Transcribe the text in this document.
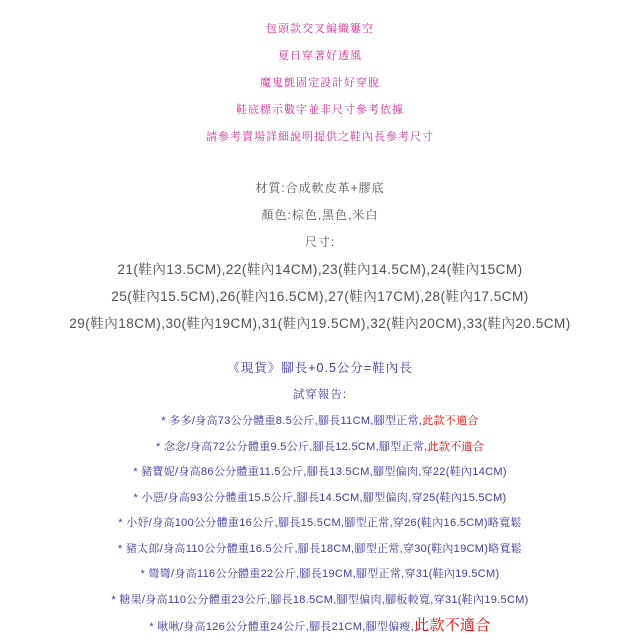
包頭款交叉編織簍空
夏日穿著好透風
魔鬼氈固定設計好穿脫
鞋底標示數字並非尺寸參考依據
請參考賣場詳細說明提供之鞋內長參考尺寸
材質:合成軟皮革+膠底
顏色:棕色,黑色,米白
尺寸:
21(鞋內13.5CM),22(鞋內14CM),23(鞋內14.5CM),24(鞋內15CM)
25(鞋內15.5CM),26(鞋內16.5CM),27(鞋內17CM),28(鞋內17.5CM)
29(鞋內18CM),30(鞋內19CM),31(鞋內19.5CM),32(鞋內20CM),33(鞋內20.5CM)
《現貨》腳長+0.5公分=鞋內長
試穿報告:
* 多多/身高73公分體重8.5公斤,腳長11CM,腳型正常,此款不適合
* 念念/身高72公分體重9.5公斤,腳長12.5CM,腳型正常,此款不適合
* 豬寶妮/身高86公分體重11.5公斤,腳長13.5CM,腳型偏肉,穿22(鞋內14CM)
* 小惡/身高93公分體重15.5公斤,腳長14.5CM,腳型偏肉,穿25(鞋內15.5CM)
* 小妤/身高100公分體重16公斤,腳長15.5CM,腳型正常,穿26(鞋內16.5CM)略寬鬆
* 豬太郎/身高110公分體重16.5公斤,腳長18CM,腳型正常,穿30(鞋內19CM)略寬鬆
* 彎彎/身高116公分體重22公斤,腳長19CM,腳型正常,穿31(鞋內19.5CM)
* 糖果/身高110公分體重23公斤,腳長18.5CM,腳型偏肉,腳板較寬,穿31(鞋內19.5CM)
* 啾啾/身高126公分體重24公斤,腳長21CM,腳型偏瘦,此款不適合
